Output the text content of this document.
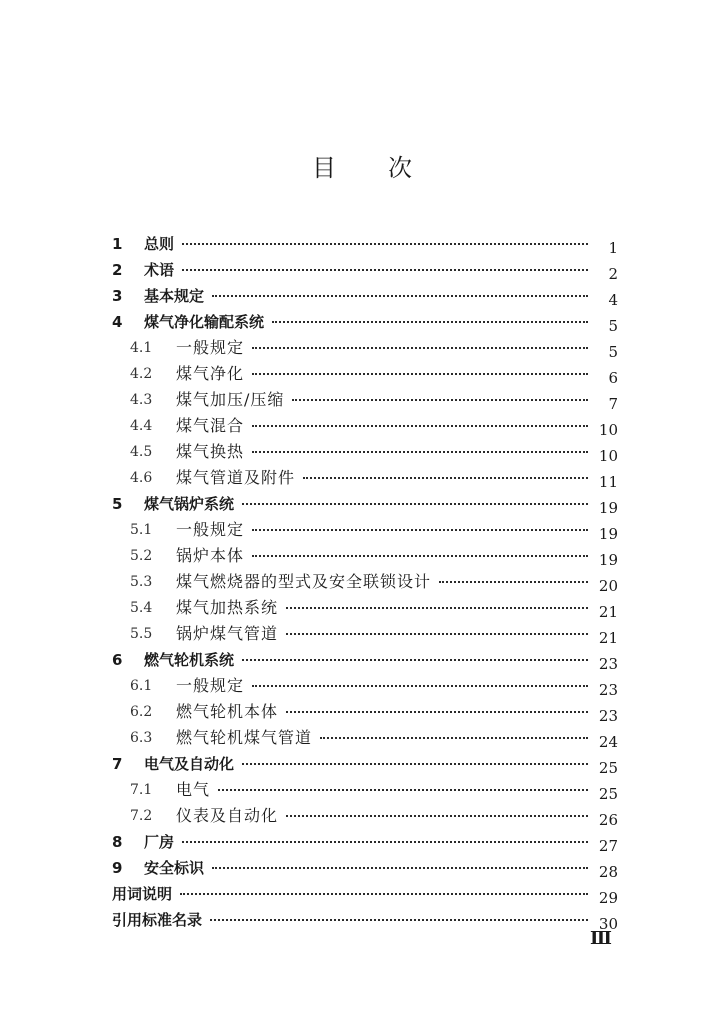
目次
1	总则	1
2	术语	2
3	基本规定	4
4	煤气净化输配系统	5
4.1	一般规定	5
4.2	煤气净化	6
4.3	煤气加压/压缩	7
4.4	煤气混合	10
4.5	煤气换热	10
4.6	煤气管道及附件	11
5	煤气锅炉系统	19
5.1	一般规定	19
5.2	锅炉本体	19
5.3	煤气燃烧器的型式及安全联锁设计	20
5.4	煤气加热系统	21
5.5	锅炉煤气管道	21
6	燃气轮机系统	23
6.1	一般规定	23
6.2	燃气轮机本体	23
6.3	燃气轮机煤气管道	24
7	电气及自动化	25
7.1	电气	25
7.2	仪表及自动化	26
8	厂房	27
9	安全标识	28
用词说明	29
引用标准名录	30
Ⅲ
